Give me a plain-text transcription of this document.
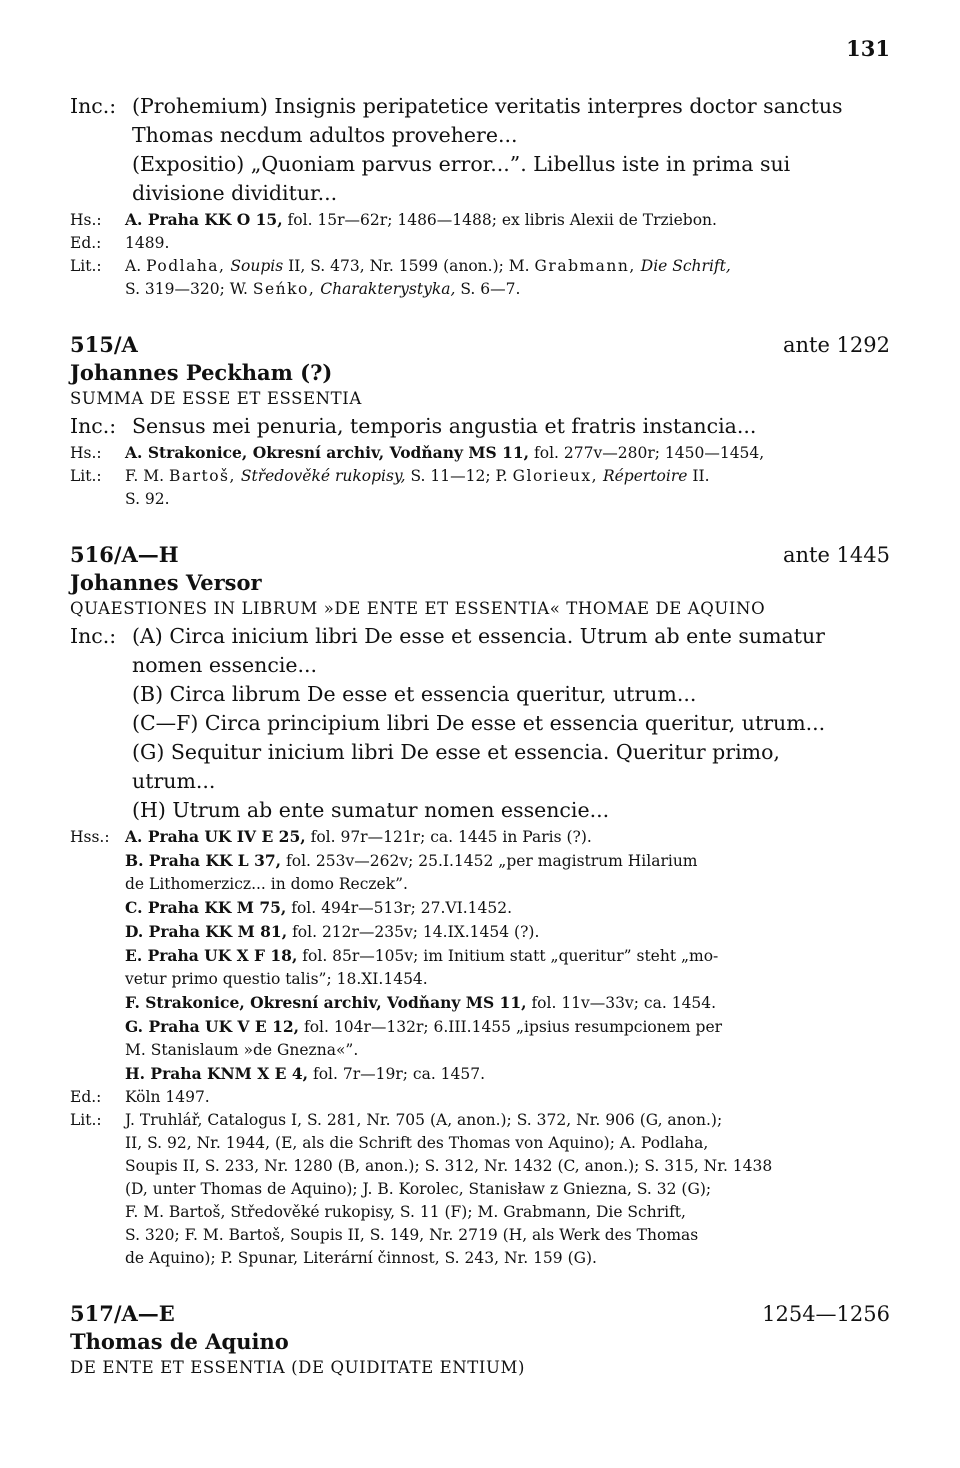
131
Inc.: (Prohemium) Insignis peripatetice veritatis interpres doctor sanctus
Thomas necdum adultos provehere...
(Expositio) „Quoniam parvus error...”. Libellus iste in prima sui
divisione dividitur...
Hs.:	A. Praha KK O 15, fol. 15r—62r; 1486—1488; ex libris Alexii de Trziebon.
Ed.:	1489.
Lit.:	A. Podlaha, Soupis II, S. 473, Nr. 1599 (anon.); M. Grabmann, Die Schrift,
S. 319—320; W. Seńko, Charakterystyka, S. 6—7.
515/A	ante 1292
Johannes Peckham (?)
SUMMA DE ESSE ET ESSENTIA
Inc.: Sensus mei penuria, temporis angustia et fratris instancia...
Hs.:	A. Strakonice, Okresní archiv, Vodňany MS 11, fol. 277v—280r; 1450—1454,
Lit.:	F. M. Bartoš, Středověké rukopisy, S. 11—12; P. Glorieux, Répertoire II.
S. 92.
516/A—H	ante 1445
Johannes Versor
QUAESTIONES IN LIBRUM »DE ENTE ET ESSENTIA« THOMAE DE AQUINO
Inc.: (A) Circa inicium libri De esse et essencia. Utrum ab ente sumatur
nomen essencie...
(B) Circa librum De esse et essencia queritur, utrum...
(C—F) Circa principium libri De esse et essencia queritur, utrum...
(G) Sequitur inicium libri De esse et essencia. Queritur primo,
utrum...
(H) Utrum ab ente sumatur nomen essencie...
Hss.: A. Praha UK IV E 25, fol. 97r—121r; ca. 1445 in Paris (?).
B. Praha KK L 37, fol. 253v—262v; 25.I.1452 „per magistrum Hilarium
de Lithomerzicz... in domo Reczek”.
C. Praha KK M 75, fol. 494r—513r; 27.VI.1452.
D. Praha KK M 81, fol. 212r—235v; 14.IX.1454 (?).
E. Praha UK X F 18, fol. 85r—105v; im Initium statt „queritur” steht „mo-
vetur primo questio talis”; 18.XI.1454.
F. Strakonice, Okresní archiv, Vodňany MS 11, fol. 11v—33v; ca. 1454.
G. Praha UK V E 12, fol. 104r—132r; 6.III.1455 „ipsius resumpcionem per
M. Stanislaum »de Gnezna«”.
H. Praha KNM X E 4, fol. 7r—19r; ca. 1457.
Ed.:	Köln 1497.
Lit.:	J. Truhlář, Catalogus I, S. 281, Nr. 705 (A, anon.); S. 372, Nr. 906 (G, anon.);
II, S. 92, Nr. 1944, (E, als die Schrift des Thomas von Aquino); A. Podlaha,
Soupis II, S. 233, Nr. 1280 (B, anon.); S. 312, Nr. 1432 (C, anon.); S. 315, Nr. 1438
(D, unter Thomas de Aquino); J. B. Korolec, Stanisław z Gniezna, S. 32 (G);
F. M. Bartoš, Středověké rukopisy, S. 11 (F); M. Grabmann, Die Schrift,
S. 320; F. M. Bartoš, Soupis II, S. 149, Nr. 2719 (H, als Werk des Thomas
de Aquino); P. Spunar, Literární činnost, S. 243, Nr. 159 (G).
517/A—E	1254—1256
Thomas de Aquino
DE ENTE ET ESSENTIA (DE QUIDITATE ENTIUM)
